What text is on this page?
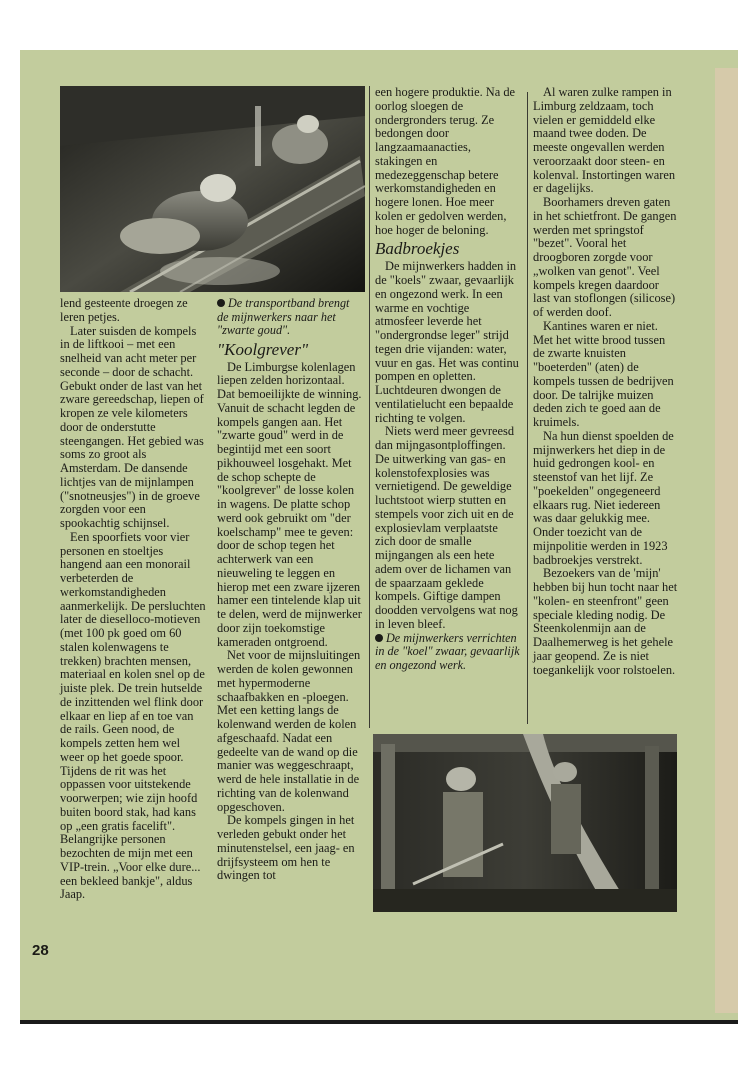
lend gesteente droegen ze leren petjes.

Later suisden de kompels in de liftkooi – met een snelheid van acht meter per seconde – door de schacht. Gebukt onder de last van het zware gereedschap, liepen of kropen ze vele kilometers door de onderstutte steengangen. Het gebied was soms zo groot als Amsterdam. De dansende lichtjes van de mijnlampen ("snotneusjes") in de groeve zorgden voor een spookachtig schijnsel.

Een spoorfiets voor vier personen en stoeltjes hangend aan een monorail verbeterden de werkomstandigheden aanmerkelijk. De persluchten later de dieselloco-motieven (met 100 pk goed om 60 stalen kolenwagens te trekken) brachten mensen, materiaal en kolen snel op de juiste plek. De trein hutselde de inzittenden wel flink door elkaar en liep af en toe van de rails. Geen nood, de kompels zetten hem wel weer op het goede spoor. Tijdens de rit was het oppassen voor uitstekende voorwerpen; wie zijn hoofd buiten boord stak, had kans op „een gratis facelift". Belangrijke personen bezochten de mijn met een VIP-trein. „Voor elke dure... een bekleed bankje", aldus Jaap.

De transportband brengt de mijnwerkers naar het "zwarte goud".
"Koolgrever"

De Limburgse kolenlagen liepen zelden horizontaal. Dat bemoeilijkte de winning. Vanuit de schacht legden de kompels gangen aan. Het "zwarte goud" werd in de begintijd met een soort pikhouweel losgehakt. Met de schop schepte de "koolgrever" de losse kolen in wagens. De platte schop werd ook gebruikt om "der koelschamp" mee te geven: door de schop tegen het achterwerk van een nieuweling te leggen en hierop met een zware ijzeren hamer een tintelende klap uit te delen, werd de mijnwerker door zijn toekomstige kameraden ontgroend.

Net voor de mijnsluitingen werden de kolen gewonnen met hypermoderne schaafbakken en -ploegen. Met een ketting langs de kolenwand werden de kolen afgeschaafd. Nadat een gedeelte van de wand op die manier was weggeschraapt, werd de hele installatie in de richting van de kolenwand opgeschoven.

De kompels gingen in het verleden gebukt onder het minutenstelsel, een jaag- en drijfsysteem om hen te dwingen tot

een hogere produktie. Na de oorlog sloegen de ondergronders terug. Ze bedongen door langzaamaanacties, stakingen en medezeggenschap betere werkomstandigheden en hogere lonen. Hoe meer kolen er gedolven werden, hoe hoger de beloning.

Badbroekjes

De mijnwerkers hadden in de "koels" zwaar, gevaarlijk en ongezond werk. In een warme en vochtige atmosfeer leverde het "ondergrondse leger" strijd tegen drie vijanden: water, vuur en gas. Het was continu pompen en opletten. Luchtdeuren dwongen de ventilatielucht een bepaalde richting te volgen.

Niets werd meer gevreesd dan mijngasontploffingen. De uitwerking van gas- en kolenstofexplosies was vernietigend. De geweldige luchtstoot wierp stutten en stempels voor zich uit en de explosievlam verplaatste zich door de smalle mijngangen als een hete adem over de lichamen van de spaarzaam geklede kompels. Giftige dampen doodden vervolgens wat nog in leven bleef.

De mijnwerkers verrichten in de "koel" zwaar, gevaarlijk en ongezond werk.

Al waren zulke rampen in Limburg zeldzaam, toch vielen er gemiddeld elke maand twee doden. De meeste ongevallen werden veroorzaakt door steen- en kolenval. Instortingen waren er dagelijks.

Boorhamers dreven gaten in het schietfront. De gangen werden met springstof "bezet". Vooral het droogboren zorgde voor „wolken van genot". Veel kompels kregen daardoor last van stoflongen (silicose) of werden doof.

Kantines waren er niet. Met het witte brood tussen de zwarte knuisten "boeterden" (aten) de kompels tussen de bedrijven door. De talrijke muizen deden zich te goed aan de kruimels.

Na hun dienst spoelden de mijnwerkers het diep in de huid gedrongen kool- en steenstof van het lijf. Ze "poekelden" ongegeneerd elkaars rug. Niet iedereen was daar gelukkig mee. Onder toezicht van de mijnpolitie werden in 1923 badbroekjes verstrekt.

Bezoekers van de 'mijn' hebben bij hun tocht naar het "kolen- en steenfront" geen speciale kleding nodig. De Steenkolenmijn aan de Daalhemerweg is het gehele jaar geopend. Ze is niet toegankelijk voor rolstoelen.

28
